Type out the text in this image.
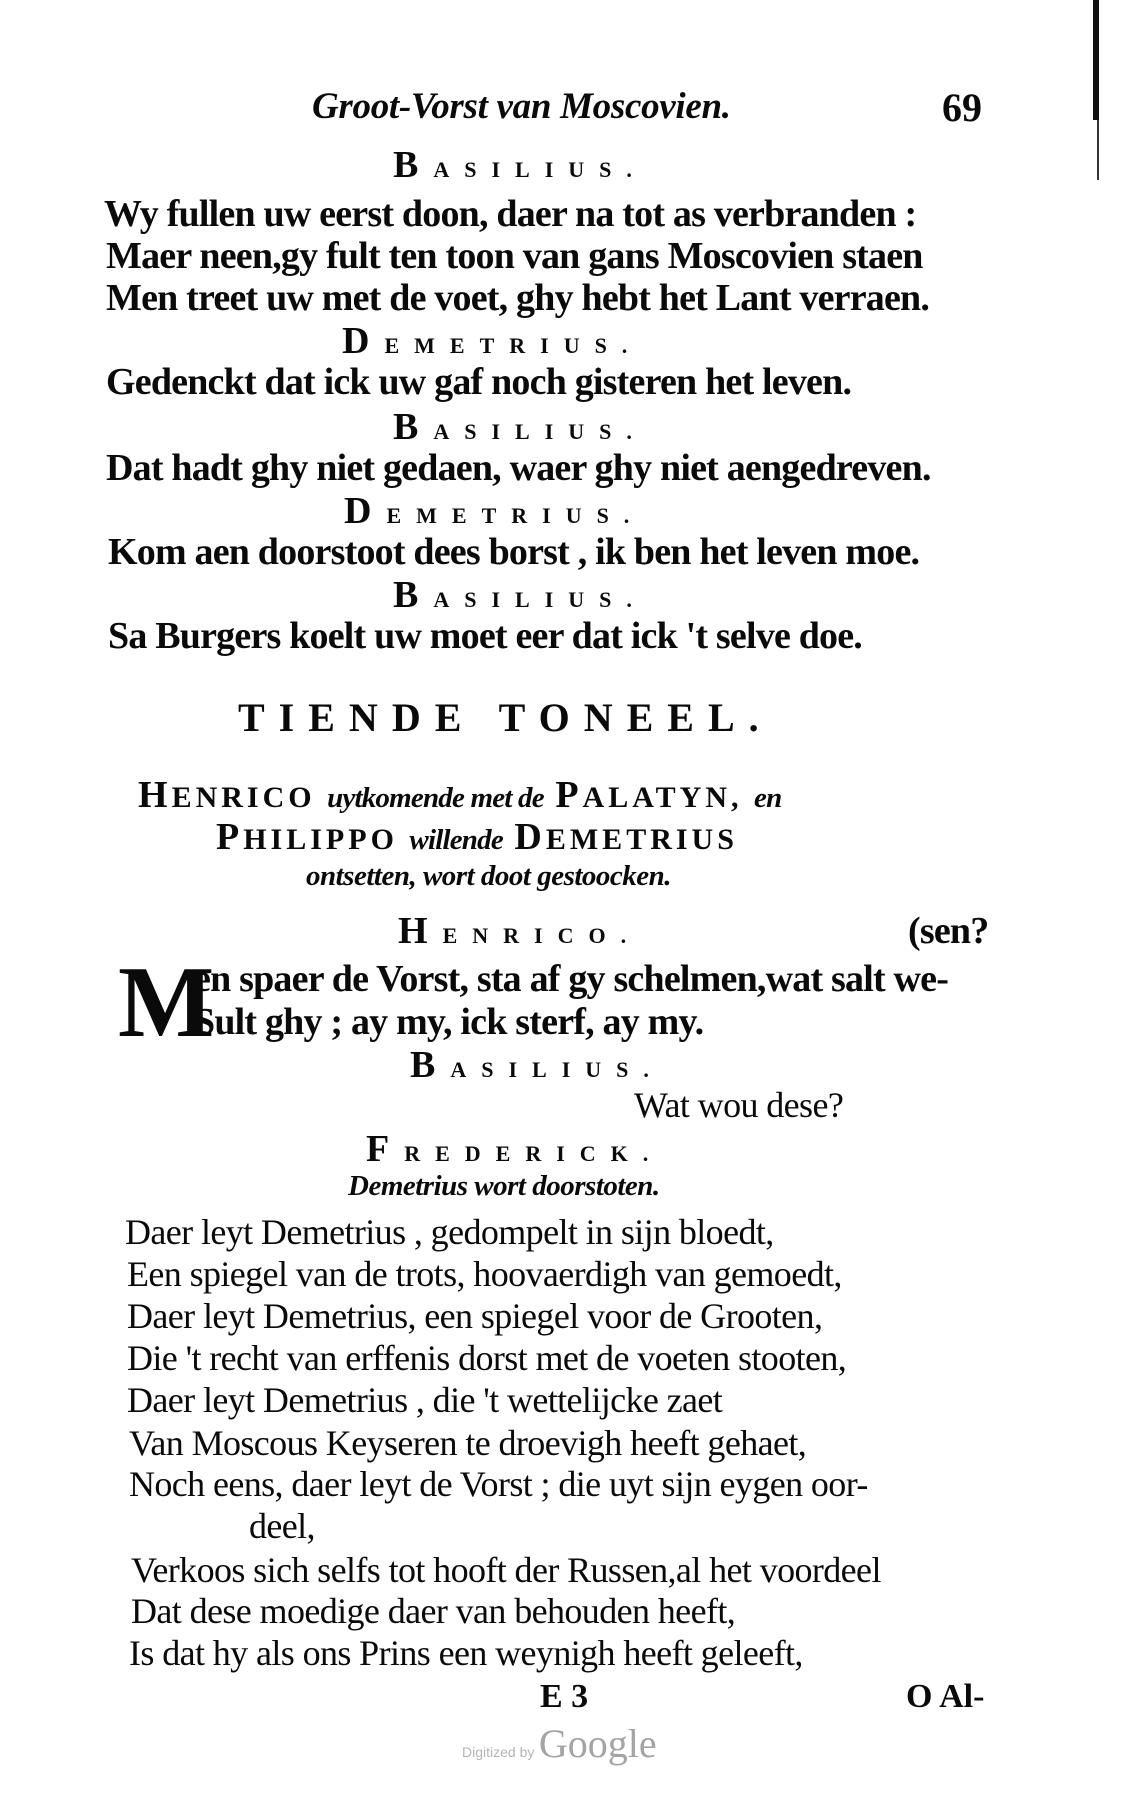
Groot-Vorst van Moscovien.	69
BASILIUS.
Wy fullen uw eerst doon, daer na tot as verbranden :
Maer neen,gy fult ten toon van gans Moscovien staen
Men treet uw met de voet, ghy hebt het Lant verraen.
DEMETRIUS.
Gedenckt dat ick uw gaf noch gisteren het leven.
BASILIUS.
Dat hadt ghy niet gedaen, waer ghy niet aengedreven.
DEMETRIUS.
Kom aen doorstoot dees borst , ik ben het leven moe.
BASILIUS.
Sa Burgers koelt uw moet eer dat ick 't selve doe.
TIENDE TONEEL.
HENRICO uytkomende met de PALATYN, en
PHILIPPO willende DEMETRIUS
ontsetten, wort doot gestoocken.
HENRICO.	(sen?
M
en spaer de Vorst, sta af gy schelmen,wat salt we-
Sult ghy ; ay my, ick sterf, ay my.
BASILIUS.
Wat wou dese?
FREDERICK.
Demetrius wort doorstoten.
Daer leyt Demetrius , gedompelt in sijn bloedt,
Een spiegel van de trots, hoovaerdigh van gemoedt,
Daer leyt Demetrius, een spiegel voor de Grooten,
Die 't recht van erffenis dorst met de voeten stooten,
Daer leyt Demetrius , die 't wettelijcke zaet
Van Moscous Keyseren te droevigh heeft gehaet,
Noch eens, daer leyt de Vorst ; die uyt sijn eygen oor-
deel,
Verkoos sich selfs tot hooft der Russen,al het voordeel
Dat dese moedige daer van behouden heeft,
Is dat hy als ons Prins een weynigh heeft geleeft,
E 3	O Al-
Digitized by Google
